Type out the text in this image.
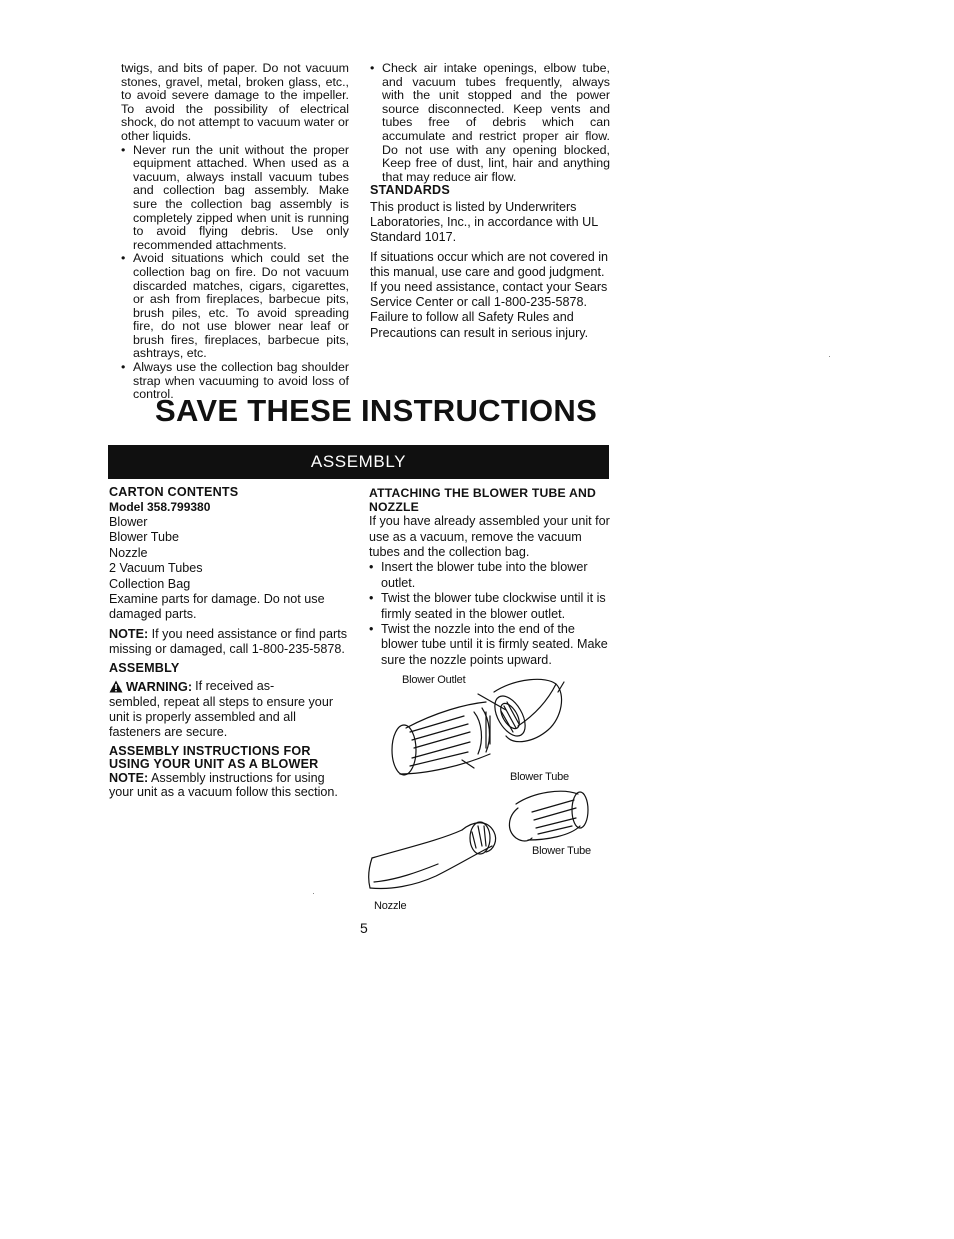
twigs, and bits of paper. Do not vacuum stones, gravel, metal, broken glass, etc., to avoid severe damage to the impeller. To avoid the possibility of electrical shock, do not attempt to vacuum water or other liquids.

• Never run the unit without the proper equipment attached. When used as a vacuum, always install vacuum tubes and collection bag assembly. Make sure the collection bag assembly is completely zipped when unit is running to avoid flying debris. Use only recommended attachments.

• Avoid situations which could set the collection bag on fire. Do not vacuum discarded matches, cigars, cigarettes, or ash from fireplaces, barbecue pits, brush piles, etc. To avoid spreading fire, do not use blower near leaf or brush fires, fireplaces, barbecue pits, ashtrays, etc.

• Always use the collection bag shoulder strap when vacuuming to avoid loss of control.

• Check air intake openings, elbow tube, and vacuum tubes frequently, always with the unit stopped and the power source disconnected. Keep vents and tubes free of debris which can accumulate and restrict proper air flow. Do not use with any opening blocked, Keep free of dust, lint, hair and anything that may reduce air flow.

STANDARDS

This product is listed by Underwriters Laboratories, Inc., in accordance with UL Standard 1017.

If situations occur which are not covered in this manual, use care and good judgment. If you need assistance, contact your Sears Service Center or call 1-800-235-5878. Failure to follow all Safety Rules and Precautions can result in serious injury.

SAVE THESE INSTRUCTIONS
ASSEMBLY

CARTON CONTENTS

Model 358.799380

Blower

Blower Tube

Nozzle

2 Vacuum Tubes

Collection Bag

Examine parts for damage. Do not use damaged parts.

NOTE: If you need assistance or find parts missing or damaged, call 1-800-235-5878.

ASSEMBLY

WARNING: If received as-

sembled, repeat all steps to ensure your unit is properly assembled and all fasteners are secure.

ASSEMBLY INSTRUCTIONS FOR USING YOUR UNIT AS A BLOWER

NOTE: Assembly instructions for using your unit as a vacuum follow this section.

ATTACHING THE BLOWER TUBE AND NOZZLE

If you have already assembled your unit for use as a vacuum, remove the vacuum tubes and the collection bag.

• Insert the blower tube into the blower outlet.

• Twist the blower tube clockwise until it is firmly seated in the blower outlet.

• Twist the nozzle into the end of the blower tube until it is firmly seated. Make sure the nozzle points upward.

Blower Outlet
Blower Tube
Blower Tube
Nozzle
5
